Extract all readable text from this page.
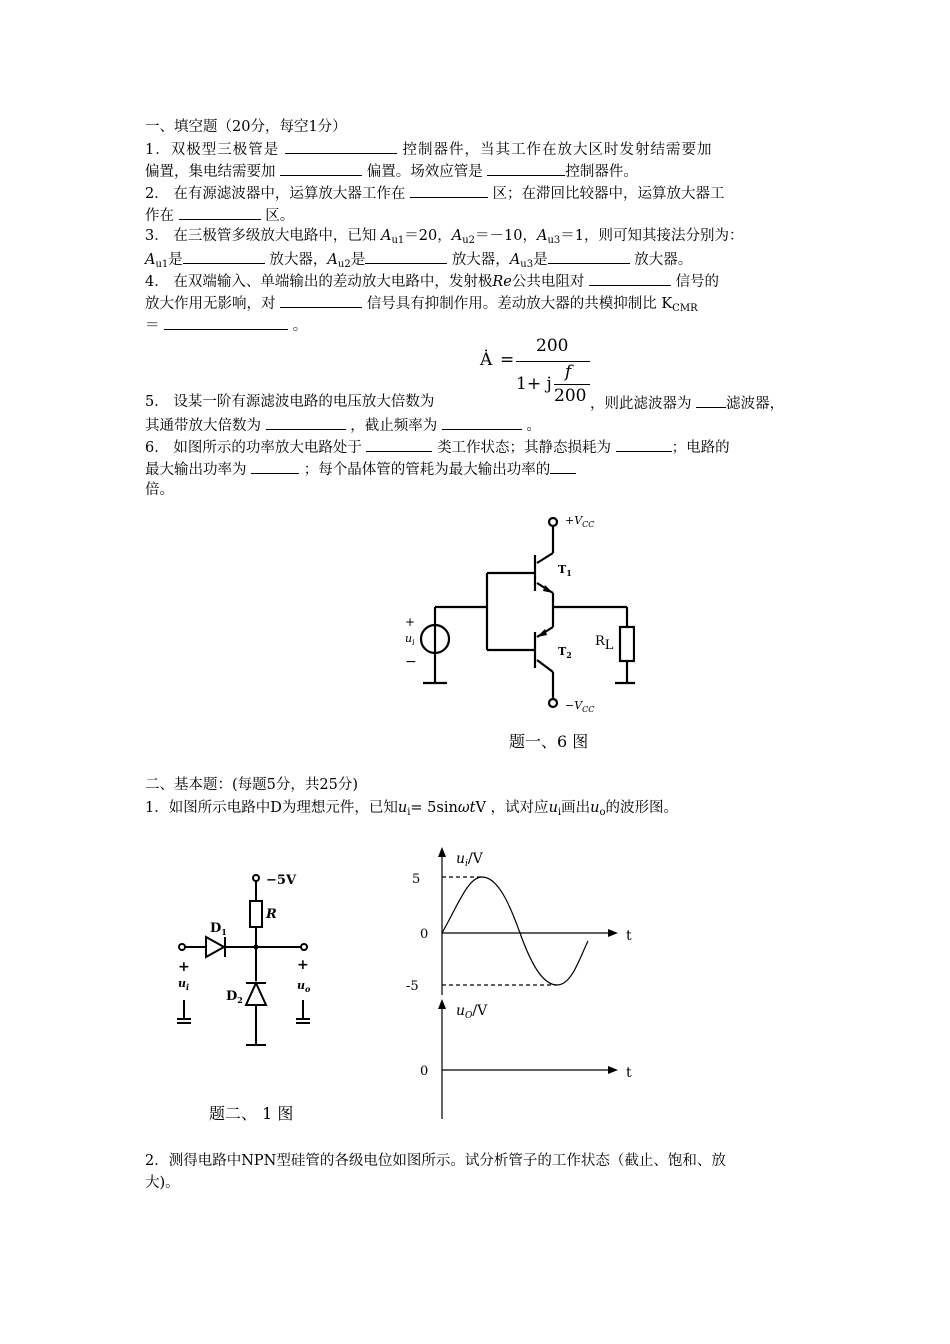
一、填空题（20分，每空1分）
1．双极型三极管是	控制器件，当其工作在放大区时发射结需要加
偏置，集电结需要加	偏置。场效应管是	控制器件。
2． 在有源滤波器中，运算放大器工作在	区；在滞回比较器中，运算放大器工
作在	区。
3． 在三极管多级放大电路中，已知 $A_{u1}=20$，$A_{u2}=-10$，$A_{u3}=1$，则可知其接法分别为：
$A_{u1}$是	放大器，$A_{u2}$是	放大器，$A_{u3}$是	放大器。
4． 在双端输入、单端输出的差动放大电路中，发射极Re公共电阻对	信号的
放大作用无影响，对	信号具有抑制作用。差动放大器的共模抑制比 $K_{CMR}$
＝	。
Ȧ =
200
1+ j
f
200
5． 设某一阶有源滤波电路的电压放大倍数为	，则此滤波器为 滤波器，
其通带放大倍数为	，截止频率为	。
6． 如图所示的功率放大电路处于	类工作状态；其静态损耗为	；电路的
最大输出功率为	；每个晶体管的管耗为最大输出功率的
倍。
$+V_{CC}$
$-V_{CC}$
$T_1$
$T_2$
RL
+
$u_i$
−
题一、6 图
二、基本题：(每题5分，共25分)
1．如图所示电路中D为理想元件，已知$u_i= 5\sin\omega tV$ ，试对应$u_i$画出$u_o$的波形图。
−5V
R
$D_1$
$D_2$
+
$u_i$
+
$u_o$
题二、 1 图
$u_i/V$
$u_O/V$
5
0
-5
0
t
t
2．测得电路中NPN型硅管的各级电位如图所示。试分析管子的工作状态（截止、饱和、放
大)。
